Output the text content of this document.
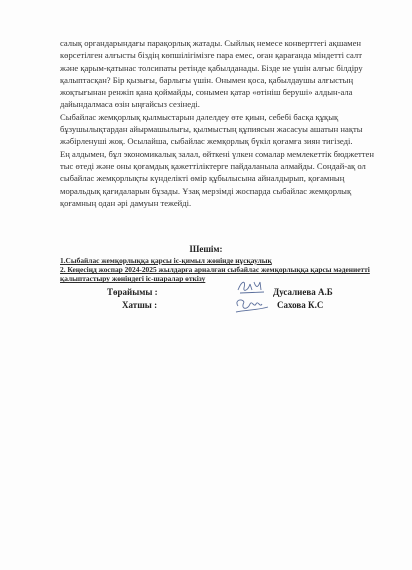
салық органдарындағы парақорлық жатады. Сыйлық немесе конверттегі ақшамен көрсетілген алғысты біздің көпшілігімізге пара емес, оған қарағанда міндетті салт және қарым-қатынас толсипаты ретінде қабылданады. Бізде не үшін алғыс білдіру қалыптасқан? Бір қызығы, барлығы үшін. Онымен қоса, қабылдаушы алғыстың жоқтығынан ренжіп қана қоймайды, сонымен қатар «өтініш беруші» алдын-ала дайындалмаса өзін ыңғайсыз сезінеді.

Сыбайлас жемқорлық қылмыстарын дәлелдеу өте қиын, себебі басқа құқық бұзушылықтардан айырмашылығы, қылмыстың құпиясын жасасуы ашатын нақты жәбірленуші жоқ. Осылайша, сыбайлас жемқорлық бүкіл қоғамға зиян тигізеді.

Ең алдымен, бұл экономикалық залал, өйткені үлкен сомалар мемлекеттік бюджеттен тыс өтеді және оны қоғамдық қажеттіліктерге пайдаланыла алмайды. Сондай-ақ ол сыбайлас жемқорлықты күнделікті өмір құбылысына айналдырып, қоғамның моральдық қағидаларын бұзады. Ұзақ мерзімді жоспарда сыбайлас жемқорлық қоғамның одан әрі дамуын тежейді.

Шешім:
1.Сыбайлас жемқорлыққа қарсы іс-қимыл жөнінде нұсқаулық
2. Кеңесіңд жоспар 2024-2025 жылдарға арналған сыбайлас жемқорлыққа қарсы мәдениетті қалыптастыру жөніндегі іс-шаралар өткізу
Төрайымы :	Дусалиева А.Б
Хатшы :	Сахова К.С
